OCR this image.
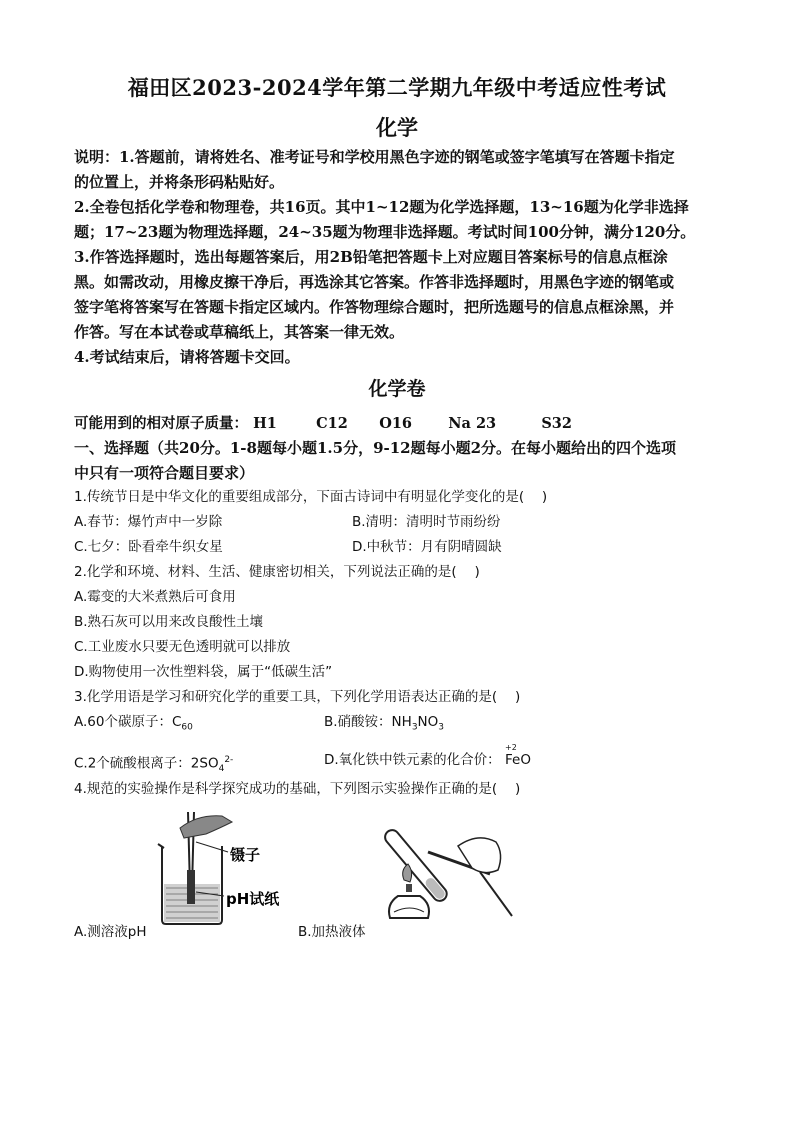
福田区2023-2024学年第二学期九年级中考适应性考试
化学

说明：1.答题前，请将姓名、准考证号和学校用黑色字迹的钢笔或签字笔填写在答题卡指定

的位置上，并将条形码粘贴好。

2.全卷包括化学卷和物理卷，共16页。其中1~12题为化学选择题，13~16题为化学非选择

题；17~23题为物理选择题，24~35题为物理非选择题。考试时间100分钟，满分120分。

3.作答选择题时，选出每题答案后，用2B铅笔把答题卡上对应题目答案标号的信息点框涂

黑。如需改动，用橡皮擦干净后，再选涂其它答案。作答非选择题时，用黑色字迹的钢笔或

签字笔将答案写在答题卡指定区域内。作答物理综合题时，把所选题号的信息点框涂黑，并

作答。写在本试卷或草稿纸上，其答案一律无效。

4.考试结束后，请将答题卡交回。

化学卷
可能用到的相对原子质量： H1	C12 O16	Na 23	S32
一、选择题（共20分。1-8题每小题1.5分，9-12题每小题2分。在每小题给出的四个选项
中只有一项符合题目要求）
1.传统节日是中华文化的重要组成部分，下面古诗词中有明显化学变化的是(　 )
A.春节：爆竹声中一岁除	B.清明：清明时节雨纷纷
C.七夕：卧看牵牛织女星	D.中秋节：月有阴晴圆缺
2.化学和环境、材料、生活、健康密切相关，下列说法正确的是(　 )
A.霉变的大米煮熟后可食用
B.熟石灰可以用来改良酸性土壤
C.工业废水只要无色透明就可以排放
D.购物使用一次性塑料袋，属于“低碳生活”
3.化学用语是学习和研究化学的重要工具，下列化学用语表达正确的是(　 )
A.60个碳原子：$C_{60}$	B.硝酸铵：$NH_3NO_3$
C.2个硫酸根离子：$2SO_4^{2-}$	D.氧化铁中铁元素的化合价：
+2
FeO
4.规范的实验操作是科学探究成功的基础，下列图示实验操作正确的是(　 )
镊子
pH试纸
A.测溶液pH	B.加热液体
